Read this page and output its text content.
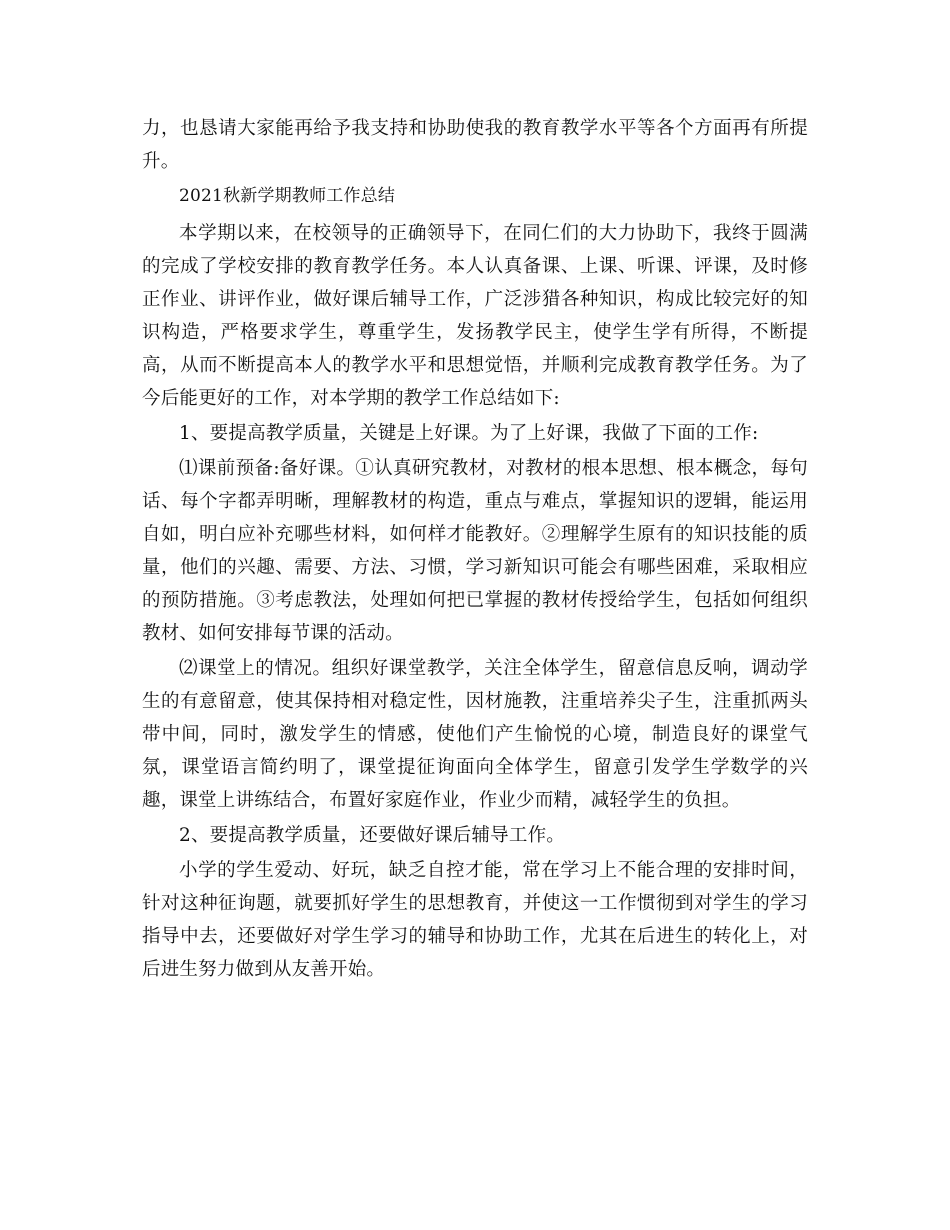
力，也恳请大家能再给予我支持和协助使我的教育教学水平等各个方面再有所提升。

2021秋新学期教师工作总结

本学期以来，在校领导的正确领导下，在同仁们的大力协助下，我终于圆满的完成了学校安排的教育教学任务。本人认真备课、上课、听课、评课，及时修正作业、讲评作业，做好课后辅导工作，广泛涉猎各种知识，构成比较完好的知识构造，严格要求学生，尊重学生，发扬教学民主，使学生学有所得，不断提高，从而不断提高本人的教学水平和思想觉悟，并顺利完成教育教学任务。为了今后能更好的工作，对本学期的教学工作总结如下:

1、要提高教学质量，关键是上好课。为了上好课，我做了下面的工作:

⑴课前预备:备好课。①认真研究教材，对教材的根本思想、根本概念，每句话、每个字都弄明晰，理解教材的构造，重点与难点，掌握知识的逻辑，能运用自如，明白应补充哪些材料，如何样才能教好。②理解学生原有的知识技能的质量，他们的兴趣、需要、方法、习惯，学习新知识可能会有哪些困难，采取相应的预防措施。③考虑教法，处理如何把已掌握的教材传授给学生，包括如何组织教材、如何安排每节课的活动。

⑵课堂上的情况。组织好课堂教学，关注全体学生，留意信息反响，调动学生的有意留意，使其保持相对稳定性，因材施教，注重培养尖子生，注重抓两头带中间，同时，激发学生的情感，使他们产生愉悦的心境，制造良好的课堂气氛，课堂语言简约明了，课堂提征询面向全体学生，留意引发学生学数学的兴趣，课堂上讲练结合，布置好家庭作业，作业少而精，减轻学生的负担。

2、要提高教学质量，还要做好课后辅导工作。

小学的学生爱动、好玩，缺乏自控才能，常在学习上不能合理的安排时间，针对这种征询题，就要抓好学生的思想教育，并使这一工作惯彻到对学生的学习指导中去，还要做好对学生学习的辅导和协助工作，尤其在后进生的转化上，对后进生努力做到从友善开始。
